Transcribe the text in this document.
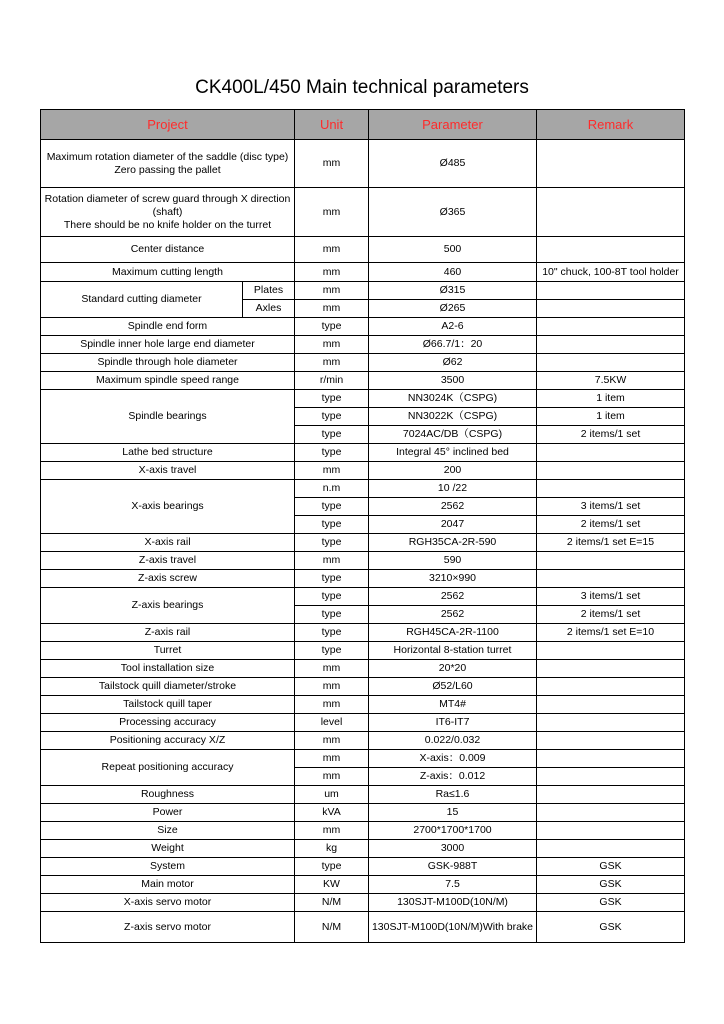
CK400L/450 Main technical parameters
Project		Unit	Parameter	Remark

Maximum rotation diameter of the saddle (disc type)
Zero passing the pallet		mm	Ø485	

Rotation diameter of screw guard through X direction (shaft)
There should be no knife holder on the turret		mm	Ø365	
Center distance		mm	500	
Maximum cutting length		mm	460	10" chuck, 100-8T tool holder
Standard cutting diameter	Plates	mm	Ø315	
	Axles	mm	Ø265	
Spindle end form		type	A2-6	
Spindle inner hole large end diameter		mm	Ø66.7/1：20	
Spindle through hole diameter		mm	Ø62	
Maximum spindle speed range		r/min	3500	7.5KW
Spindle bearings		type	NN3024K（CSPG)	1 item
		type	NN3022K（CSPG)	1 item
		type	7024AC/DB（CSPG)	2 items/1 set
Lathe bed structure		type	Integral 45° inclined bed	
X-axis travel		mm	200	
X-axis bearings		n.m	10 /22	
		type	2562	3 items/1 set
		type	2047	2 items/1 set
X-axis rail		type	RGH35CA-2R-590	2 items/1 set E=15
Z-axis travel		mm	590	
Z-axis screw		type	3210×990	
Z-axis bearings		type	2562	3 items/1 set
		type	2562	2 items/1 set
Z-axis rail		type	RGH45CA-2R-1100	2 items/1 set E=10
Turret		type	Horizontal 8-station turret	
Tool installation size		mm	20*20	
Tailstock quill diameter/stroke		mm	Ø52/L60	
Tailstock quill taper		mm	MT4#	
Processing accuracy		level	IT6-IT7	
Positioning accuracy X/Z		mm	0.022/0.032	
Repeat positioning accuracy		mm	X-axis：0.009	
		mm	Z-axis：0.012	
Roughness		um	Ra≤1.6	
Power		kVA	15	
Size		mm	2700*1700*1700	
Weight		kg	3000	
System		type	GSK-988T	GSK
Main motor		KW	7.5	GSK
X-axis servo motor		N/M	130SJT-M100D(10N/M)	GSK
Z-axis servo motor		N/M	130SJT-M100D(10N/M)With brake	GSK
